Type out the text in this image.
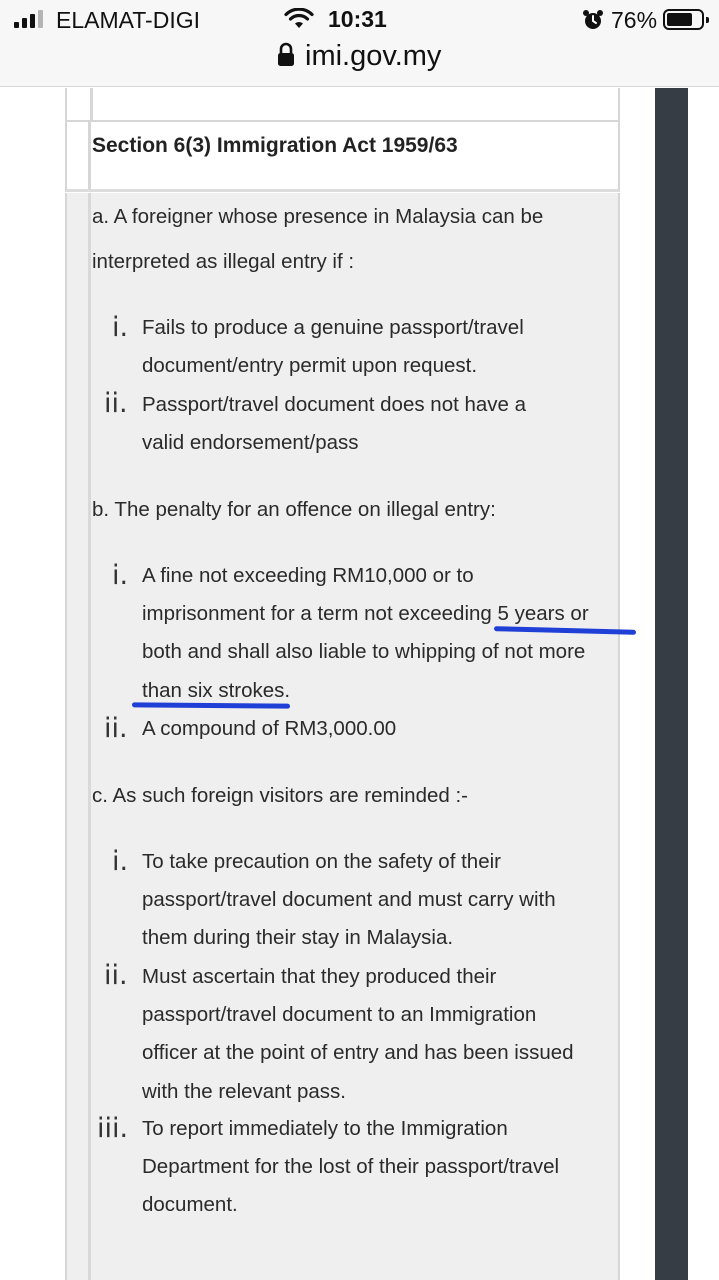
ELAMAT-DIGI	10:31	76%
imi.gov.my
Section 6(3) Immigration Act 1959/63
a. A foreigner whose presence in Malaysia can be
interpreted as illegal entry if :
i. Fails to produce a genuine passport/travel
document/entry permit upon request.
ii. Passport/travel document does not have a
valid endorsement/pass
b. The penalty for an offence on illegal entry:
i. A fine not exceeding RM10,000 or to
imprisonment for a term not exceeding 5 years or
both and shall also liable to whipping of not more
than six strokes.
ii. A compound of RM3,000.00
c. As such foreign visitors are reminded :-
i. To take precaution on the safety of their
passport/travel document and must carry with
them during their stay in Malaysia.
ii. Must ascertain that they produced their
passport/travel document to an Immigration
officer at the point of entry and has been issued
with the relevant pass.
iii. To report immediately to the Immigration
Department for the lost of their passport/travel
document.
